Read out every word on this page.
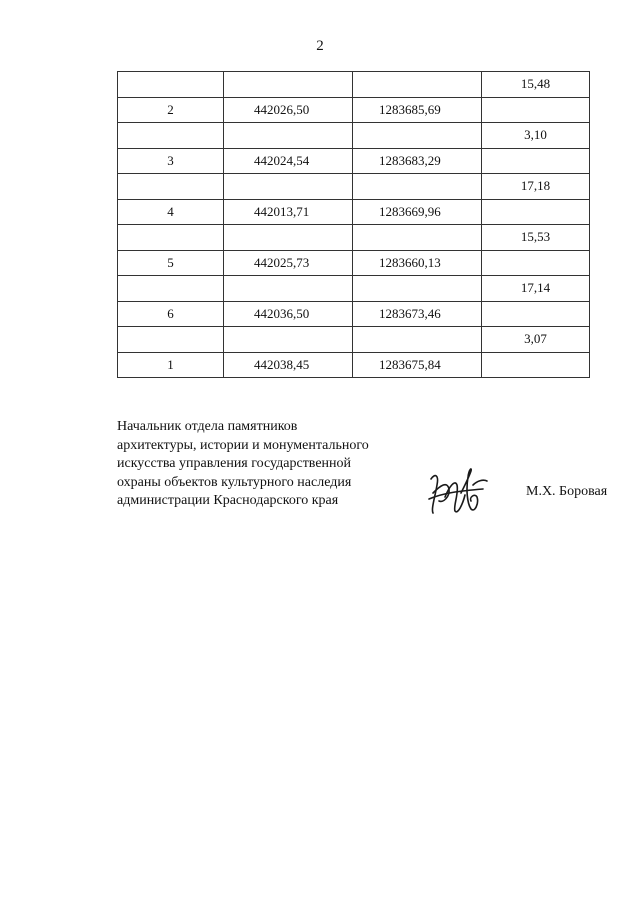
2
			15,48
2	442026,50	1283685,69	
			3,10
3	442024,54	1283683,29	
			17,18
4	442013,71	1283669,96	
			15,53
5	442025,73	1283660,13	
			17,14
6	442036,50	1283673,46	
			3,07
1	442038,45	1283675,84	
Начальник отдела памятников
архитектуры, истории и монументального
искусства управления государственной
охраны объектов культурного наследия
администрации Краснодарского края
М.Х. Боровая
